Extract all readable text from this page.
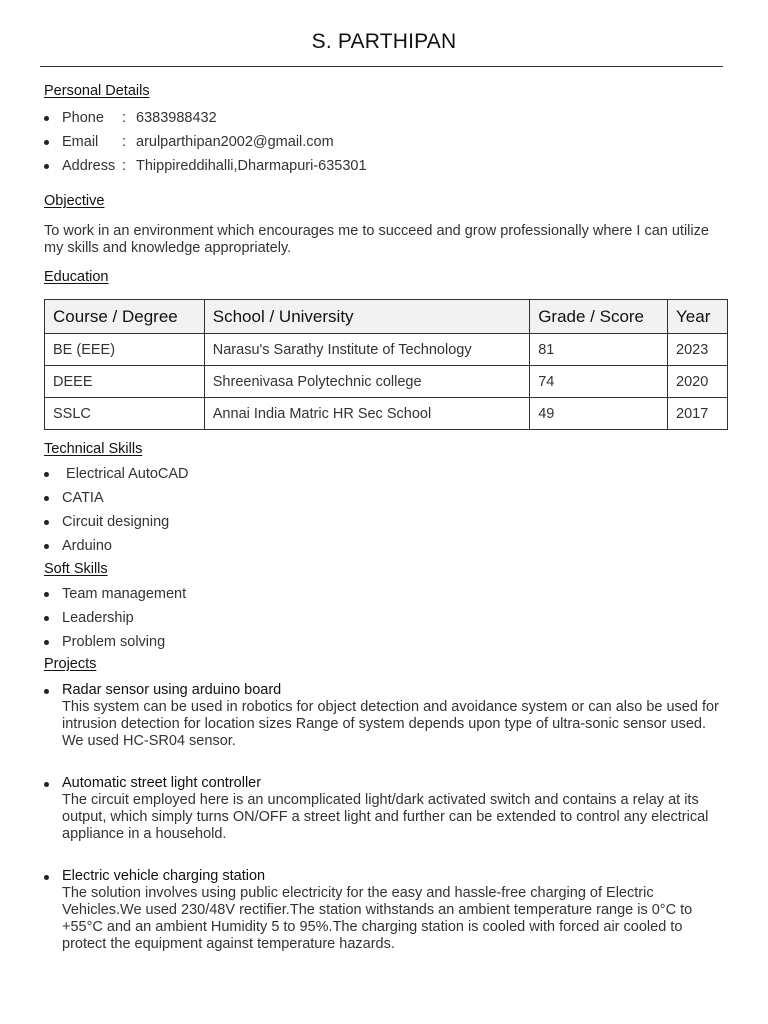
S. PARTHIPAN
Personal Details
Phone : 6383988432
Email : arulparthipan2002@gmail.com
Address : Thippireddihalli,Dharmapuri-635301
Objective
To work in an environment which encourages me to succeed and grow professionally where I can utilize my skills and knowledge appropriately.
Education
Course / Degree	School / University	Grade / Score	Year
BE (EEE)	Narasu's Sarathy Institute of Technology	81	2023
DEEE	Shreenivasa Polytechnic college	74	2020
SSLC	Annai India Matric HR Sec School	49	2017
Technical Skills
Electrical AutoCAD
CATIA
Circuit designing
Arduino
Soft Skills
Team management
Leadership
Problem solving
Projects
Radar sensor using arduino board
This system can be used in robotics for object detection and avoidance system or can also be used for intrusion detection for location sizes Range of system depends upon type of ultra-sonic sensor used. We used HC-SR04 sensor.
Automatic street light controller
The circuit employed here is an uncomplicated light/dark activated switch and contains a relay at its output, which simply turns ON/OFF a street light and further can be extended to control any electrical appliance in a household.
Electric vehicle charging station
The solution involves using public electricity for the easy and hassle-free charging of Electric Vehicles.We used 230/48V rectifier.The station withstands an ambient temperature range is 0°C to +55°C and an ambient Humidity 5 to 95%.The charging station is cooled with forced air cooled to protect the equipment against temperature hazards.
